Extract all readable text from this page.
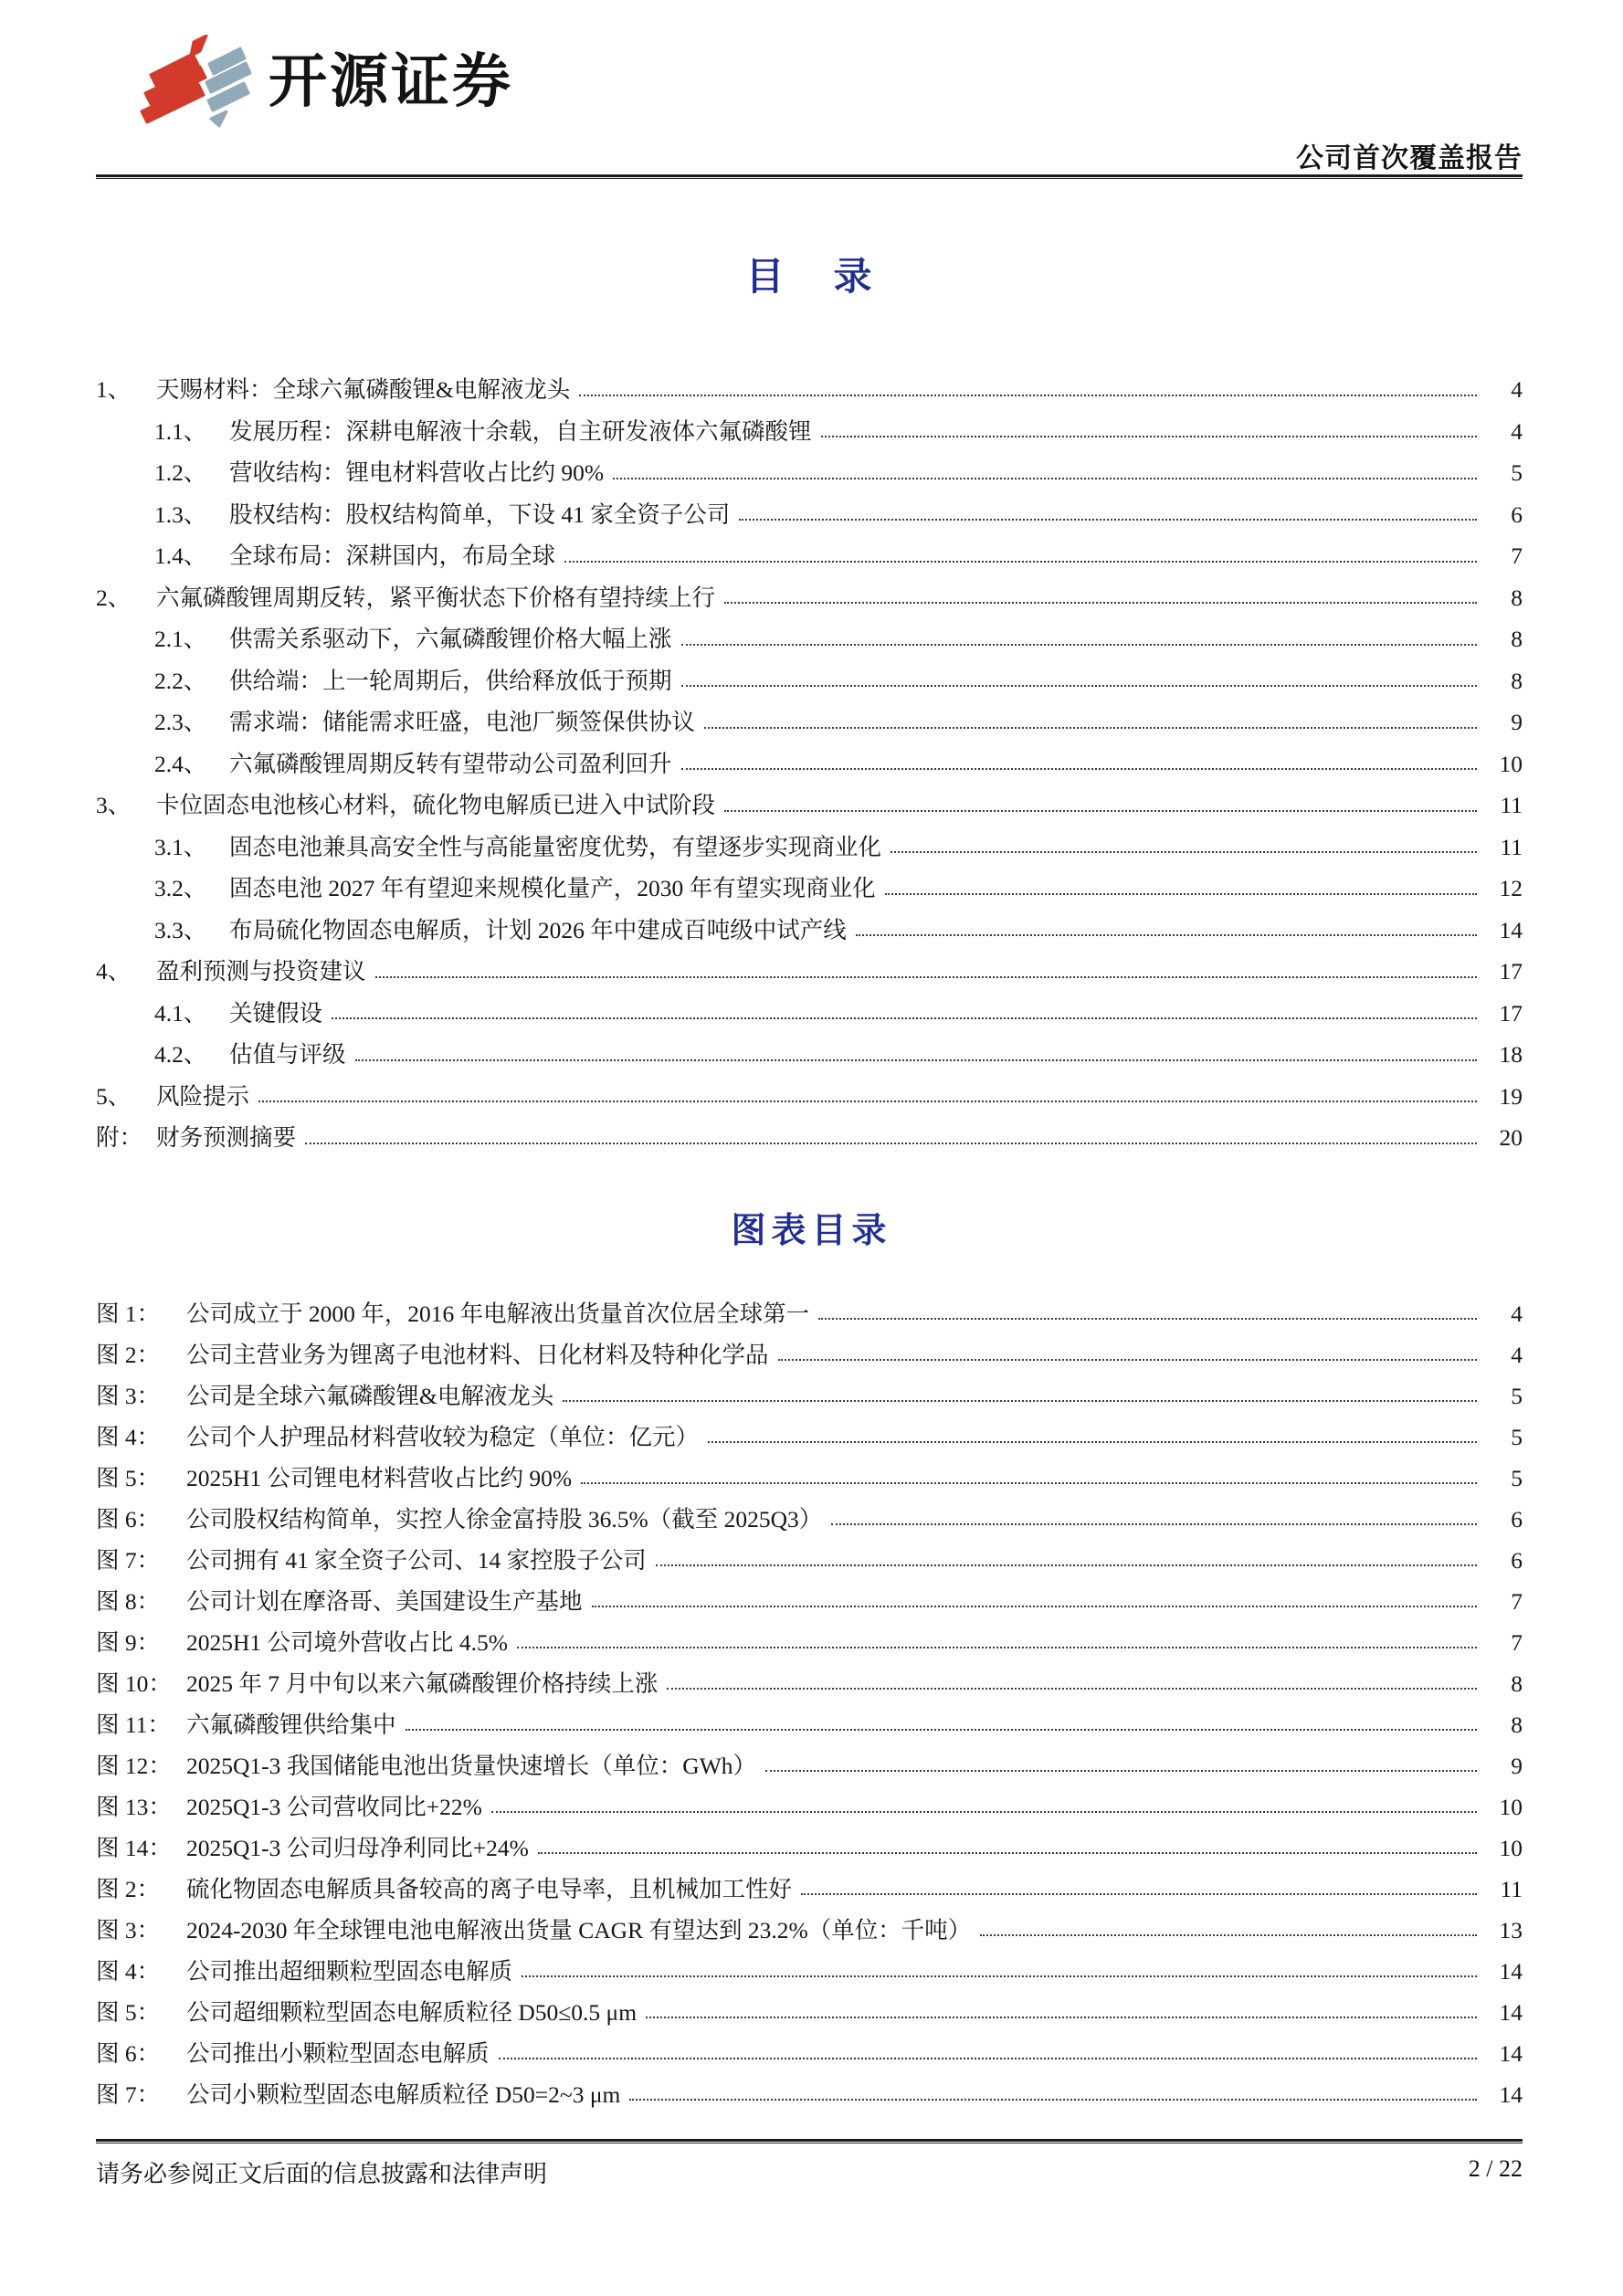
开源证券
公司首次覆盖报告
目　录
1、	天赐材料：全球六氟磷酸锂&电解液龙头	4
1.1、 发展历程：深耕电解液十余载，自主研发液体六氟磷酸锂	4
1.2、 营收结构：锂电材料营收占比约 90%	5
1.3、 股权结构：股权结构简单，下设 41 家全资子公司	6
1.4、 全球布局：深耕国内，布局全球	7
2、	六氟磷酸锂周期反转，紧平衡状态下价格有望持续上行	8
2.1、 供需关系驱动下，六氟磷酸锂价格大幅上涨	8
2.2、 供给端：上一轮周期后，供给释放低于预期	8
2.3、 需求端：储能需求旺盛，电池厂频签保供协议	9
2.4、 六氟磷酸锂周期反转有望带动公司盈利回升	10
3、	卡位固态电池核心材料，硫化物电解质已进入中试阶段	11
3.1、 固态电池兼具高安全性与高能量密度优势，有望逐步实现商业化	11
3.2、 固态电池 2027 年有望迎来规模化量产，2030 年有望实现商业化	12
3.3、 布局硫化物固态电解质，计划 2026 年中建成百吨级中试产线	14
4、	盈利预测与投资建议	17
4.1、 关键假设	17
4.2、 估值与评级	18
5、	风险提示	19
附： 财务预测摘要	20
图表目录
图 1：	公司成立于 2000 年，2016 年电解液出货量首次位居全球第一	4
图 2：	公司主营业务为锂离子电池材料、日化材料及特种化学品	4
图 3：	公司是全球六氟磷酸锂&电解液龙头	5
图 4：	公司个人护理品材料营收较为稳定（单位：亿元）	5
图 5：	2025H1 公司锂电材料营收占比约 90%	5
图 6：	公司股权结构简单，实控人徐金富持股 36.5%（截至 2025Q3）	6
图 7：	公司拥有 41 家全资子公司、14 家控股子公司	6
图 8：	公司计划在摩洛哥、美国建设生产基地	7
图 9：	2025H1 公司境外营收占比 4.5%	7
图 10： 2025 年 7 月中旬以来六氟磷酸锂价格持续上涨	8
图 11： 六氟磷酸锂供给集中	8
图 12： 2025Q1-3 我国储能电池出货量快速增长（单位：GWh）	9
图 13： 2025Q1-3 公司营收同比+22%	10
图 14： 2025Q1-3 公司归母净利同比+24%	10
图 2：	硫化物固态电解质具备较高的离子电导率，且机械加工性好	11
图 3：	2024-2030 年全球锂电池电解液出货量 CAGR 有望达到 23.2%（单位：千吨）	13
图 4：	公司推出超细颗粒型固态电解质	14
图 5：	公司超细颗粒型固态电解质粒径 D50≤0.5 μm	14
图 6：	公司推出小颗粒型固态电解质	14
图 7：	公司小颗粒型固态电解质粒径 D50=2~3 μm	14
请务必参阅正文后面的信息披露和法律声明	2 / 22
